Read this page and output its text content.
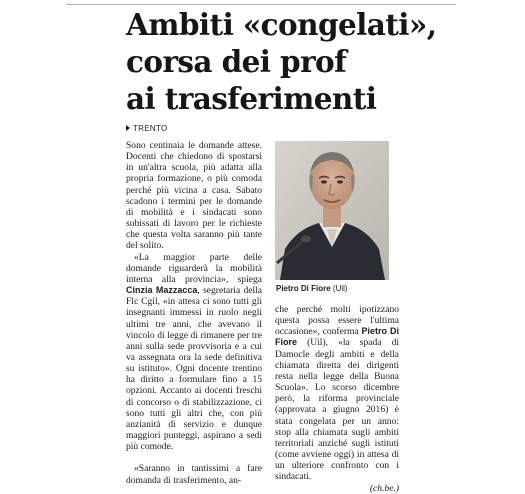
Ambiti «congelati»,
corsa dei prof
ai trasferimenti
TRENTO

Sono centinaia le domande attese. Docenti che chiedono di spostarsi in un'altra scuola, più adatta alla propria formazione, o più comoda perché più vicina a casa. Sabato scadono i termini per le domande di mobilità e i sindacati sono subissati di lavoro per le richieste che questa volta saranno più tante del solito.

«La maggior parte delle domande riguarderà la mobilità interna alla provincia», spiega Cinzia Mazzacca, segretaria della Flc Cgil, «in attesa ci sono tutti gli insegnanti immessi in ruolo negli ultimi tre anni, che avevano il vincolo di legge di rimanere per tre anni sulla sede provvisoria e a cui va assegnata ora la sede definitiva su istituto». Ogni docente trentino ha diritto a formulare fino a 15 opzioni. Accanto ai docenti freschi di concorso o di stabilizzazione, ci sono tutti gli altri che, con più anzianità di servizio e dunque maggiori punteggi, aspirano a sedi più comode.

«Saranno in tantissimi a fare domanda di trasferimento, an-

Pietro Di Fiore (Uil)

che perché molti ipotizzano questa possa essere l'ultima occasione», conferma Pietro Di Fiore (Uil), «la spada di Damocle degli ambiti e della chiamata diretta dei dirigenti resta nella legge della Buona Scuola». Lo scorso dicembre però, la riforma provinciale (approvata a giugno 2016) è stata congelata per un anno: stop alla chiamata sugli ambiti territoriali anziché sugli istituti (come avviene oggi) in attesa di un ulteriore confronto con i sindacati.

(ch.be.)
